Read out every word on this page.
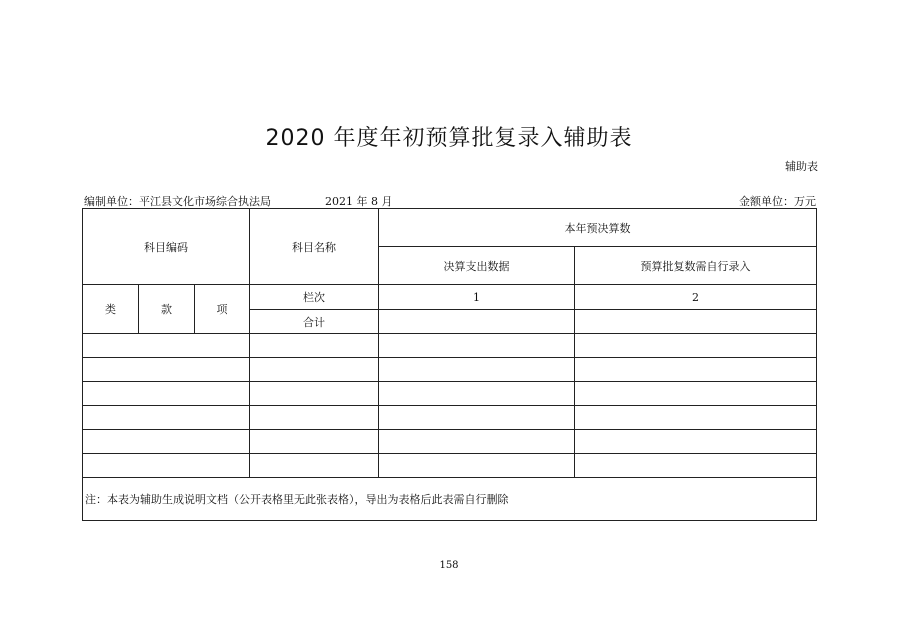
2020 年度年初预算批复录入辅助表
辅助表
编制单位：平江县文化市场综合执法局	2021 年 8 月	金额单位：万元
科目编码			科目名称	本年预决算数	
				决算支出数据	预算批复数需自行录入
类	款	项	栏次	1	2
			合计		

注：本表为辅助生成说明文档（公开表格里无此张表格），导出为表格后此表需自行删除					
158
